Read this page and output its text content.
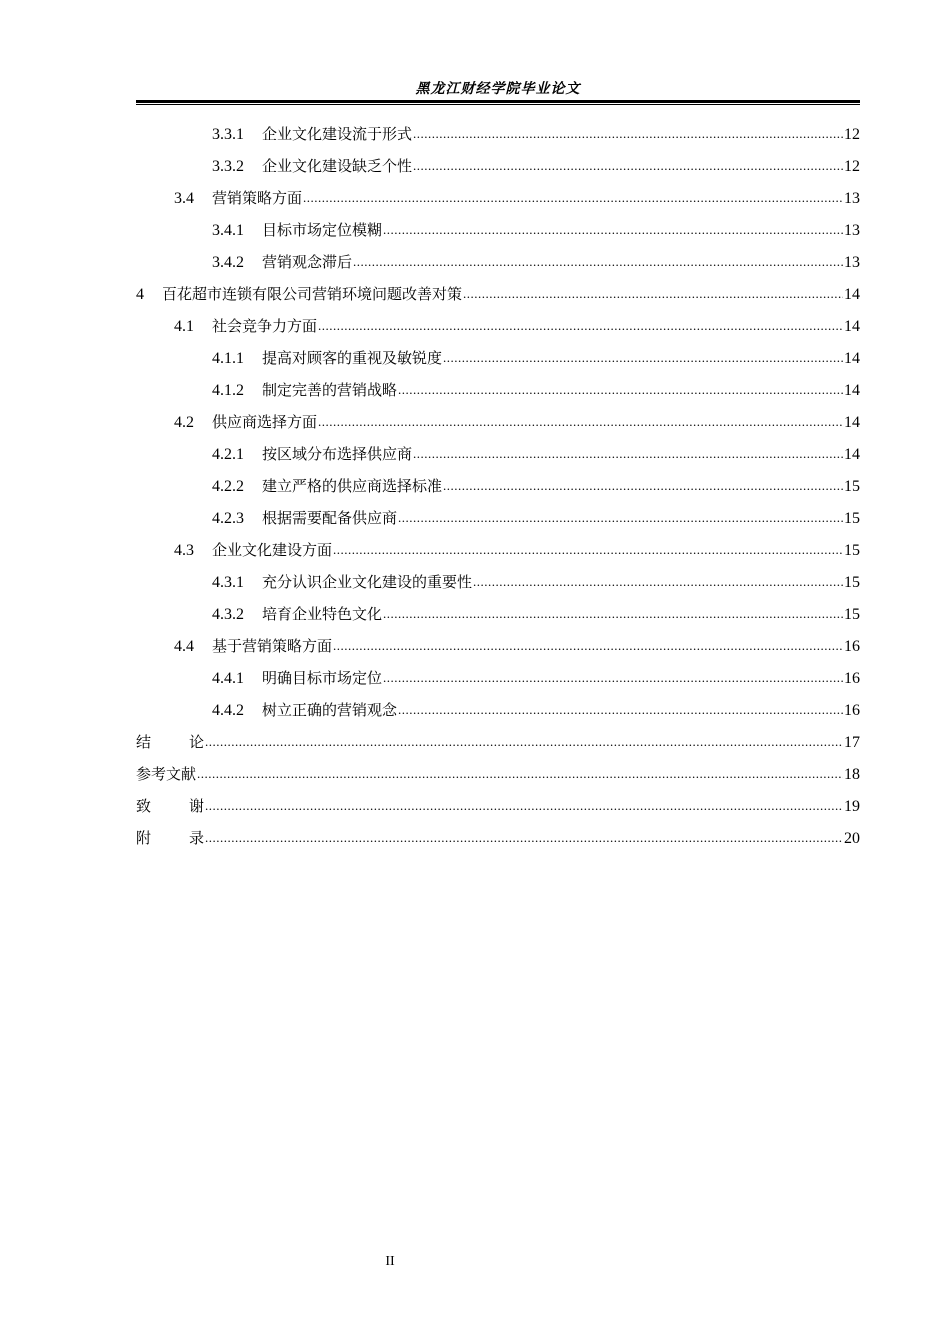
黑龙江财经学院毕业论文
3.3.1 企业文化建设流于形式 .....	12
3.3.2 企业文化建设缺乏个性 .....	12
3.4 营销策略方面 .....	13
3.4.1 目标市场定位模糊 .....	13
3.4.2 营销观念滞后 .....	13
4 百花超市连锁有限公司营销环境问题改善对策 .....	14
4.1 社会竞争力方面 .....	14
4.1.1 提高对顾客的重视及敏锐度 .....	14
4.1.2 制定完善的营销战略 .....	14
4.2 供应商选择方面 .....	14
4.2.1 按区域分布选择供应商 .....	14
4.2.2 建立严格的供应商选择标准 .....	15
4.2.3 根据需要配备供应商 .....	15
4.3 企业文化建设方面 .....	15
4.3.1 充分认识企业文化建设的重要性 .....	15
4.3.2 培育企业特色文化 .....	15
4.4 基于营销策略方面 .....	16
4.4.1 明确目标市场定位 .....	16
4.4.2 树立正确的营销观念 .....	16
结	论 .....	17
参考文献 .....	18
致	谢 .....	19
附	录 .....	20
II
